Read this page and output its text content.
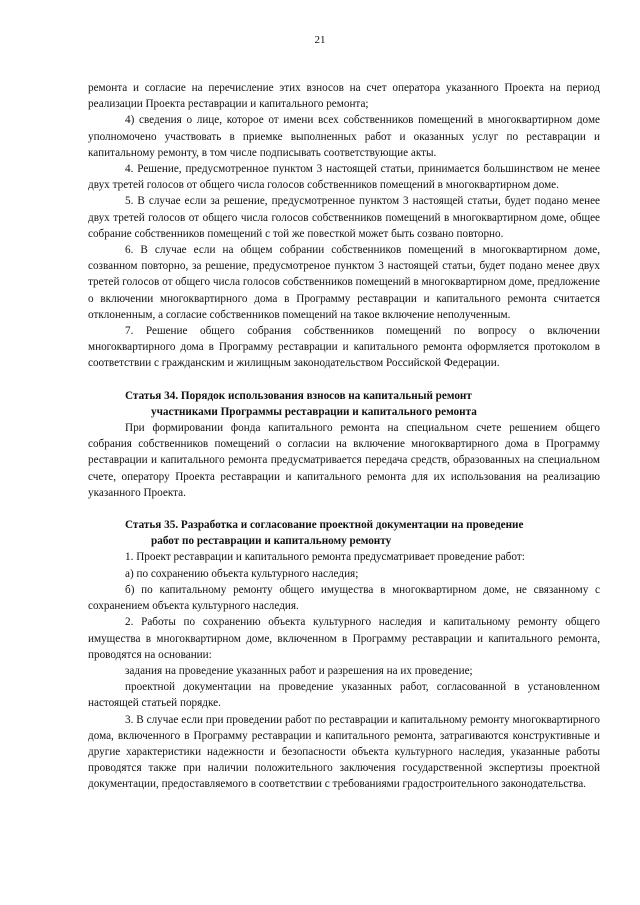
21

ремонта и согласие на перечисление этих взносов на счет оператора указанного Проекта на период реализации Проекта реставрации и капитального ремонта;

4) сведения о лице, которое от имени всех собственников помещений в многоквартирном доме уполномочено участвовать в приемке выполненных работ и оказанных услуг по реставрации и капитальному ремонту, в том числе подписывать соответствующие акты.

4. Решение, предусмотренное пунктом 3 настоящей статьи, принимается большинством не менее двух третей голосов от общего числа голосов собственников помещений в многоквартирном доме.

5. В случае если за решение, предусмотренное пунктом 3 настоящей статьи, будет подано менее двух третей голосов от общего числа голосов собственников помещений в многоквартирном доме, общее собрание собственников помещений с той же повесткой может быть созвано повторно.

6. В случае если на общем собрании собственников помещений в многоквартирном доме, созванном повторно, за решение, предусмотреное пунктом 3 настоящей статьи, будет подано менее двух третей голосов от общего числа голосов собственников помещений в многоквартирном доме, предложение о включении многоквартирного дома в Программу реставрации и капитального ремонта считается отклоненным, а согласие собственников помещений на такое включение неполученным.

7. Решение общего собрания собственников помещений по вопросу о включении многоквартирного дома в Программу реставрации и капитального ремонта оформляется протоколом в соответствии с гражданским и жилищным законодательством Российской Федерации.

Статья 34. Порядок использования взносов на капитальный ремонт
участниками Программы реставрации и капитального ремонта

При формировании фонда капитального ремонта на специальном счете решением общего собрания собственников помещений о согласии на включение многоквартирного дома в Программу реставрации и капитального ремонта предусматривается передача средств, образованных на специальном счете, оператору Проекта реставрации и капитального ремонта для их использования на реализацию указанного Проекта.

Статья 35. Разработка и согласование проектной документации на проведение
работ по реставрации и капитальному ремонту

1. Проект реставрации и капитального ремонта предусматривает проведение работ:

а) по сохранению объекта культурного наследия;

б) по капитальному ремонту общего имущества в многоквартирном доме, не связанному с сохранением объекта культурного наследия.

2. Работы по сохранению объекта культурного наследия и капитальному ремонту общего имущества в многоквартирном доме, включенном в Программу реставрации и капитального ремонта, проводятся на основании:

задания на проведение указанных работ и разрешения на их проведение;

проектной документации на проведение указанных работ, согласованной в установленном настоящей статьей порядке.

3. В случае если при проведении работ по реставрации и капитальному ремонту многоквартирного дома, включенного в Программу реставрации и капитального ремонта, затрагиваются конструктивные и другие характеристики надежности и безопасности объекта культурного наследия, указанные работы проводятся также при наличии положительного заключения государственной экспертизы проектной документации, предоставляемого в соответствии с требованиями градостроительного законодательства.
